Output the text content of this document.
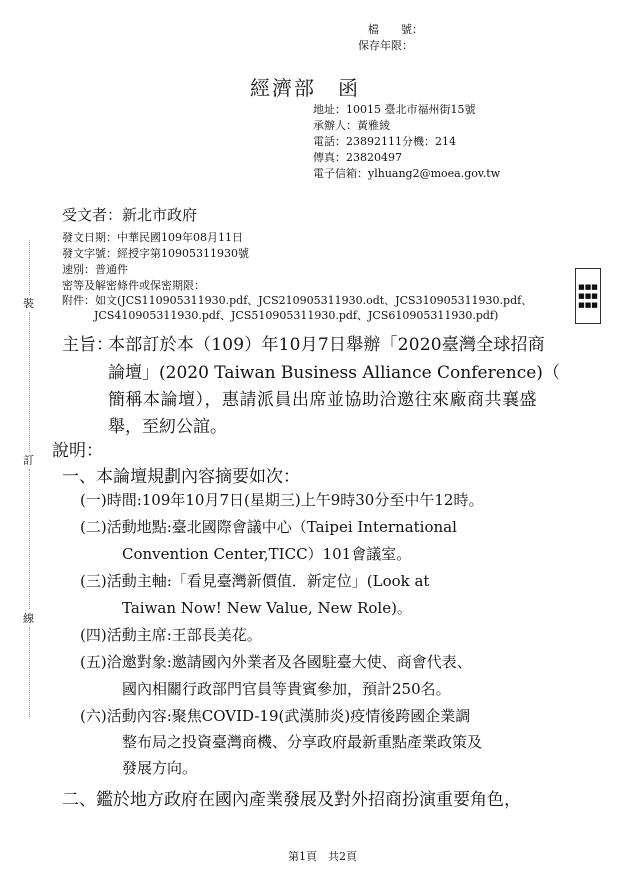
檔　　號：
保存年限：
經濟部　函
地址：10015 臺北市福州街15號
承辦人：黃雅綾
電話：23892111分機：214
傳真：23820497
電子信箱：ylhuang2@moea.gov.tw
受文者：新北市政府
發文日期：中華民國109年08月11日
發文字號：經授字第10905311930號
速別：普通件
密等及解密條件或保密期限：
附件：如文(JCS110905311930.pdf、JCS210905311930.odt、JCS310905311930.pdf、
JCS410905311930.pdf、JCS510905311930.pdf、JCS610905311930.pdf)
■■■
■■■
■■■
裝
訂
線
主旨：
本部訂於本（109）年10月7日舉辦「2020臺灣全球招商
論壇」(2020 Taiwan Business Alliance Conference)（
簡稱本論壇），惠請派員出席並協助洽邀往來廠商共襄盛
舉，至紉公誼。
說明：
一、本論壇規劃內容摘要如次：
(一)時間:109年10月7日(星期三)上午9時30分至中午12時。
(二)活動地點:臺北國際會議中心（Taipei International
Convention Center,TICC）101會議室。
(三)活動主軸:「看見臺灣新價值．新定位」(Look at
Taiwan Now! New Value, New Role)。
(四)活動主席:王部長美花。
(五)洽邀對象:邀請國內外業者及各國駐臺大使、商會代表、
國內相關行政部門官員等貴賓參加，預計250名。
(六)活動內容:聚焦COVID-19(武漢肺炎)疫情後跨國企業調
整布局之投資臺灣商機、分享政府最新重點產業政策及
發展方向。
二、鑑於地方政府在國內產業發展及對外招商扮演重要角色，
第1頁　共2頁
